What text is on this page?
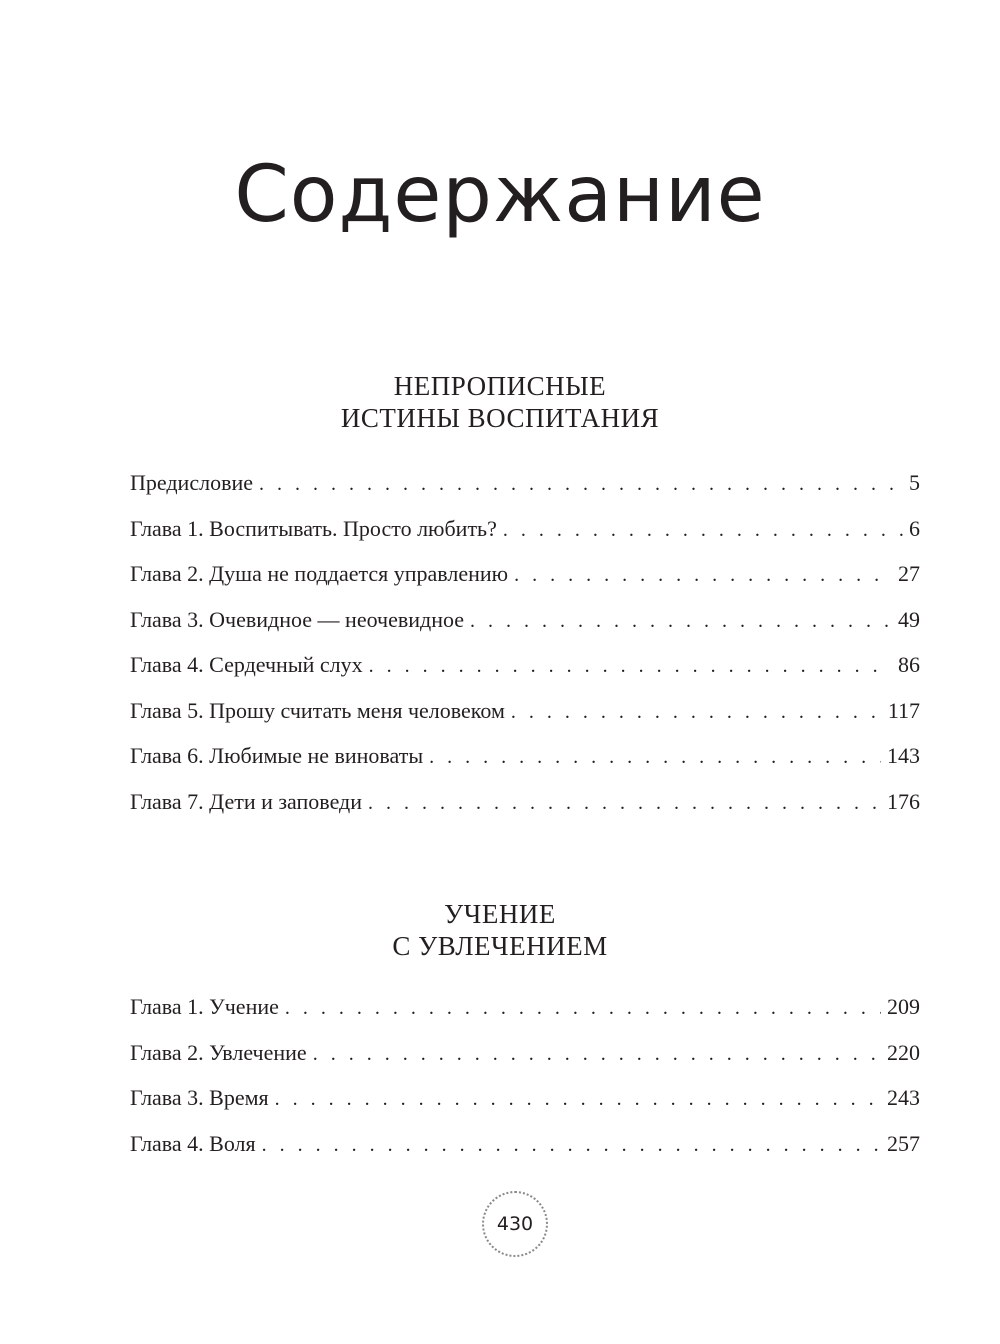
Содержание
НЕПРОПИСНЫЕ
ИСТИНЫ ВОСПИТАНИЯ
Предисловие . . .	5
Глава 1. Воспитывать. Просто любить? . . .	6
Глава 2. Душа не поддается управлению . . .	27
Глава 3. Очевидное — неочевидное . . .	49
Глава 4. Сердечный слух . . .	86
Глава 5. Прошу считать меня человеком . . .	117
Глава 6. Любимые не виноваты . . .	143
Глава 7. Дети и заповеди . . .	176
УЧЕНИЕ
С УВЛЕЧЕНИЕМ
Глава 1. Учение . . .	209
Глава 2. Увлечение . . .	220
Глава 3. Время . . .	243
Глава 4. Воля . . .	257
430
